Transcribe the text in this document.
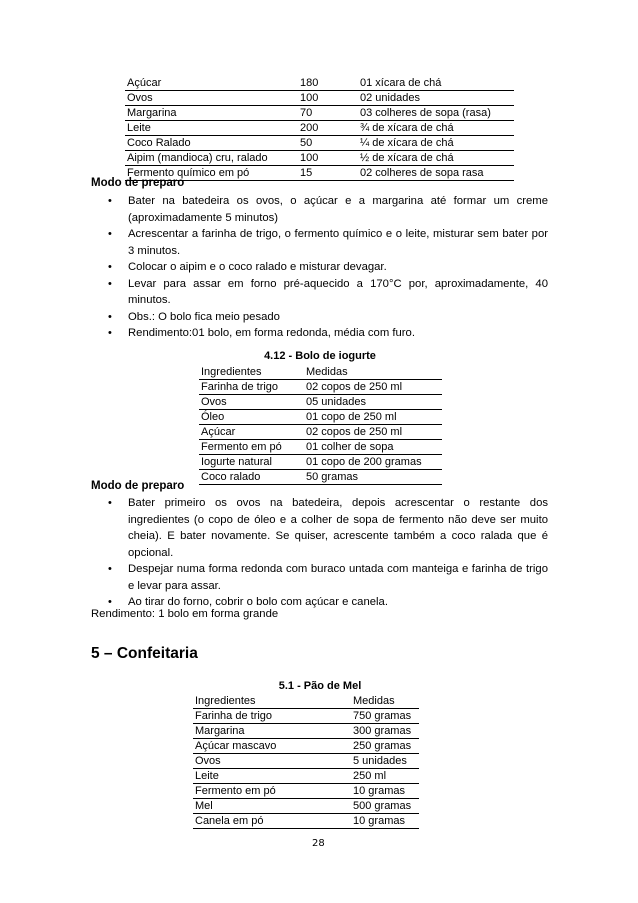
Açúcar	180	01 xícara de chá
Ovos	100	02 unidades
Margarina	70	03 colheres de sopa (rasa)
Leite	200	¾ de xícara de chá
Coco Ralado	50	¼ de xícara de chá
Aipim (mandioca) cru, ralado	100	½ de xícara de chá
Fermento químico em pó	15	02 colheres de sopa rasa
Modo de preparo
• Bater na batedeira os ovos, o açúcar e a margarina até formar um creme (aproximadamente 5 minutos)
• Acrescentar a farinha de trigo, o fermento químico e o leite, misturar sem bater por 3 minutos.
• Colocar o aipim e o coco ralado e misturar devagar.
• Levar para assar em forno pré-aquecido a 170°C por, aproximadamente, 40 minutos.
• Obs.: O bolo fica meio pesado
• Rendimento:01 bolo, em forma redonda, média com furo.
4.12 - Bolo de iogurte
Ingredientes	Medidas
Farinha de trigo	02 copos de 250 ml
Ovos	05 unidades
Óleo	01 copo de 250 ml
Açúcar	02 copos de 250 ml
Fermento em pó	01 colher de sopa
Iogurte natural	01 copo de 200 gramas
Coco ralado	50 gramas
Modo de preparo
• Bater primeiro os ovos na batedeira, depois acrescentar o restante dos ingredientes (o copo de óleo e a colher de sopa de fermento não deve ser muito cheia). E bater novamente. Se quiser, acrescente também a coco ralada que é opcional.
• Despejar numa forma redonda com buraco untada com manteiga e farinha de trigo e levar para assar.
• Ao tirar do forno, cobrir o bolo com açúcar e canela.
Rendimento: 1 bolo em forma grande
5 – Confeitaria
5.1 - Pão de Mel
Ingredientes	Medidas
Farinha de trigo	750 gramas
Margarina	300 gramas
Açúcar mascavo	250 gramas
Ovos	5 unidades
Leite	250 ml
Fermento em pó	10 gramas
Mel	500 gramas
Canela em pó	10 gramas
28
